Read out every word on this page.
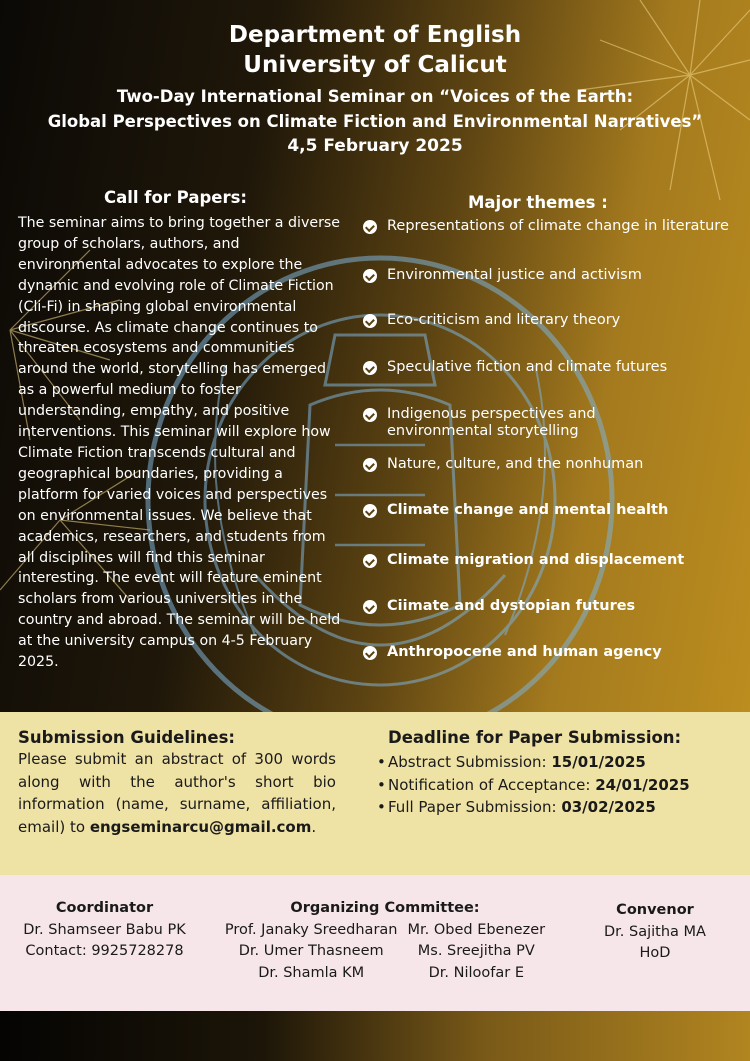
Department of English
University of Calicut
Two-Day International Seminar on “Voices of the Earth:
Global Perspectives on Climate Fiction and Environmental Narratives”
4,5 February 2025
Call for Papers:
The seminar aims to bring together a diverse group of scholars, authors, and environmental advocates to explore the dynamic and evolving role of Climate Fiction (Cli-Fi) in shaping global environmental discourse. As climate change continues to threaten ecosystems and communities around the world, storytelling has emerged as a powerful medium to foster understanding, empathy, and positive interventions. This seminar will explore how Climate Fiction transcends cultural and geographical boundaries, providing a platform for varied voices and perspectives on environmental issues. We believe that academics, researchers, and students from all disciplines will find this seminar interesting. The event will feature eminent scholars from various universities in the country and abroad. The seminar will be held at the university campus on 4-5 February 2025.
Major themes :
Representations of climate change in literature
Environmental justice and activism
Eco-criticism and literary theory
Speculative fiction and climate futures
Indigenous perspectives and environmental storytelling
Nature, culture, and the nonhuman
Climate change and mental health
Climate migration and displacement
Ciimate and dystopian futures
Anthropocene and human agency
Submission Guidelines:
Please submit an abstract of 300 words along with the author's short bio information (name, surname, affiliation, email) to engseminarcu@gmail.com.
Deadline for Paper Submission:
• Abstract Submission: 15/01/2025
• Notification of Acceptance: 24/01/2025
• Full Paper Submission: 03/02/2025
Coordinator
Dr. Shamseer Babu PK
Contact: 9925728278
Organizing Committee:
Prof. Janaky Sreedharan
Dr. Umer Thasneem
Dr. Shamla KM
Mr. Obed Ebenezer
Ms. Sreejitha PV
Dr. Niloofar E
Convenor
Dr. Sajitha MA
HoD
